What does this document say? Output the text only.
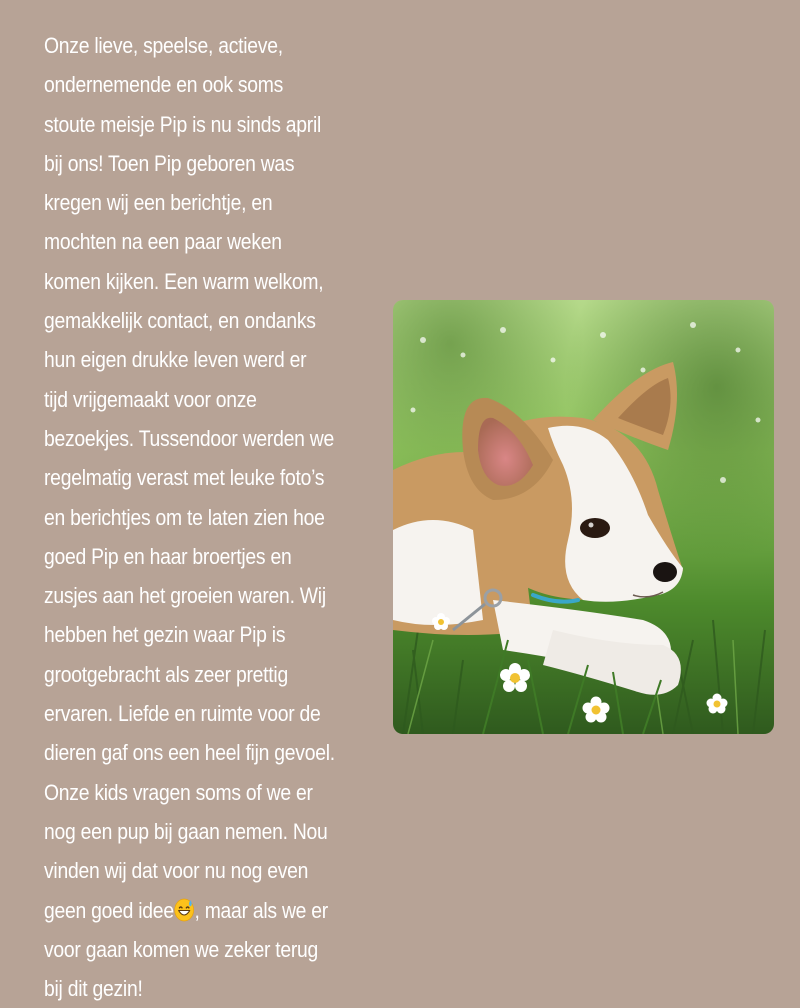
Onze lieve, speelse, actieve,
ondernemende en ook soms
stoute meisje Pip is nu sinds april
bij ons! Toen Pip geboren was
kregen wij een berichtje, en
mochten na een paar weken
komen kijken. Een warm welkom,
gemakkelijk contact, en ondanks
hun eigen drukke leven werd er
tijd vrijgemaakt voor onze
bezoekjes. Tussendoor werden we
regelmatig verast met leuke foto’s
en berichtjes om te laten zien hoe
goed Pip en haar broertjes en
zusjes aan het groeien waren. Wij
hebben het gezin waar Pip is
grootgebracht als zeer prettig
ervaren. Liefde en ruimte voor de
dieren gaf ons een heel fijn gevoel.
Onze kids vragen soms of we er
nog een pup bij gaan nemen. Nou
vinden wij dat voor nu nog even
geen goed idee , maar als we er
voor gaan komen we zeker terug
bij dit gezin!
